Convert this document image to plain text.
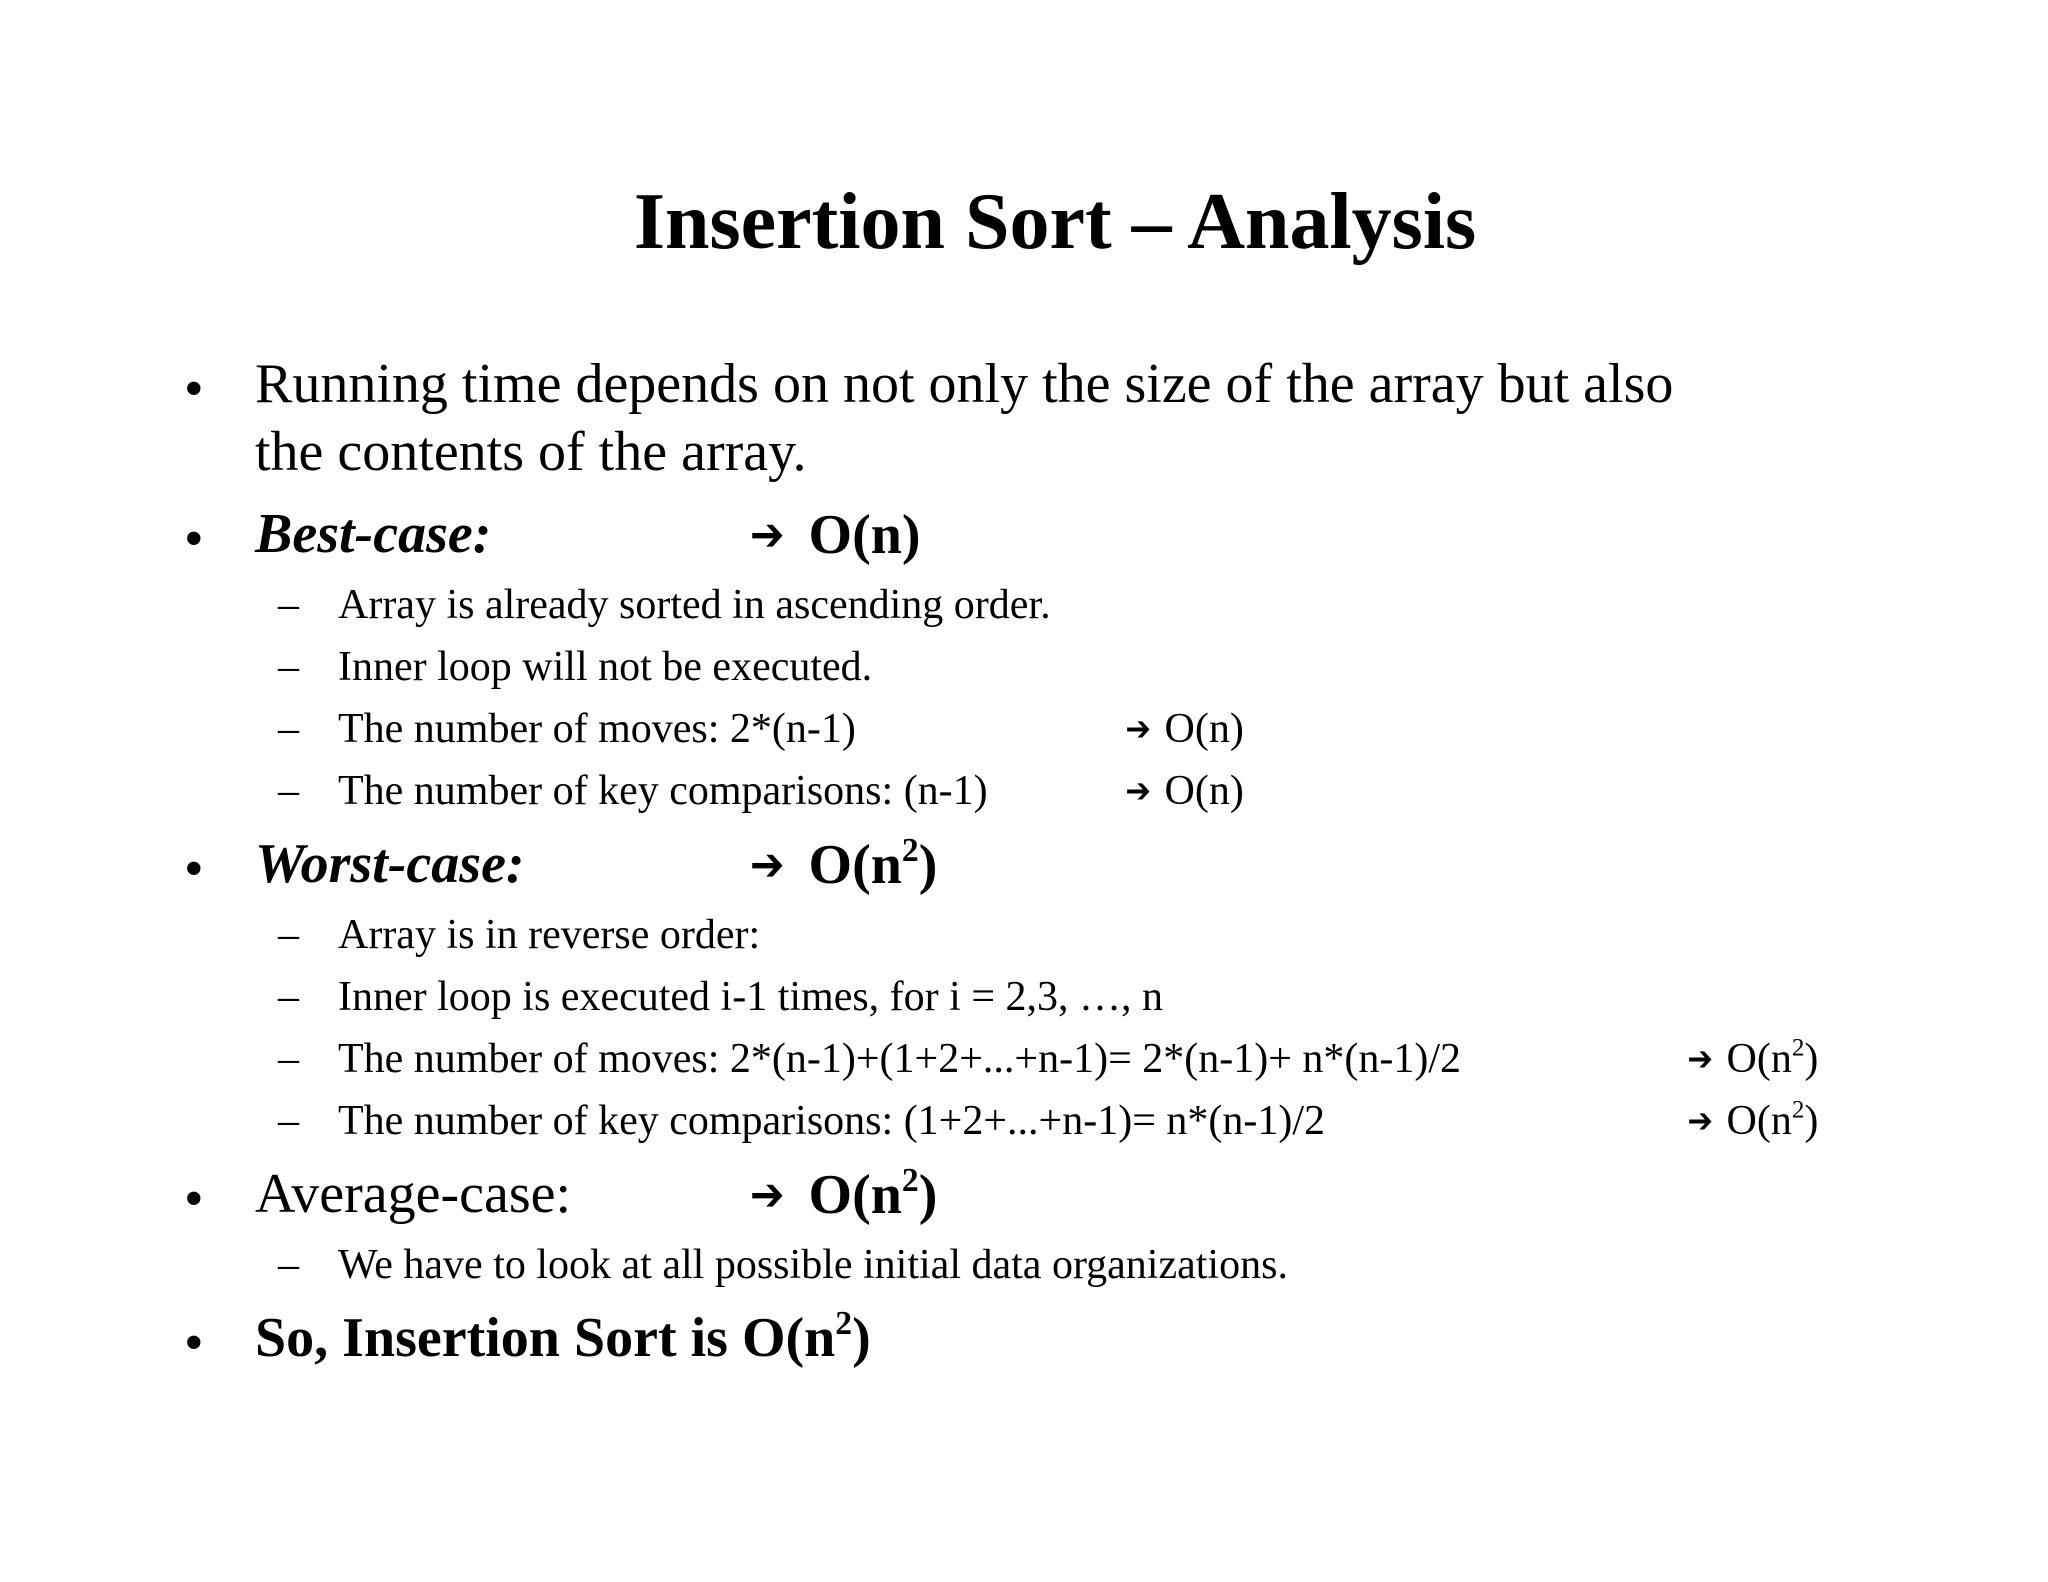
Insertion Sort – Analysis
• Running time depends on not only the size of the array but also
the contents of the array.
• Best-case:	➔ O(n)
– Array is already sorted in ascending order.
– Inner loop will not be executed.
– The number of moves: 2*(n-1)	➔ O(n)
– The number of key comparisons: (n-1)	➔ O(n)
• Worst-case:	➔ $O(n^2)$
– Array is in reverse order:
– Inner loop is executed i-1 times, for i = 2,3, …, n
– The number of moves: 2*(n-1)+(1+2+...+n-1)= 2*(n-1)+ n*(n-1)/2	➔ $O(n^2)$
– The number of key comparisons: (1+2+...+n-1)= n*(n-1)/2	➔ $O(n^2)$
• Average-case:	➔ $O(n^2)$
– We have to look at all possible initial data organizations.
• So, Insertion Sort is $O(n^2)$
